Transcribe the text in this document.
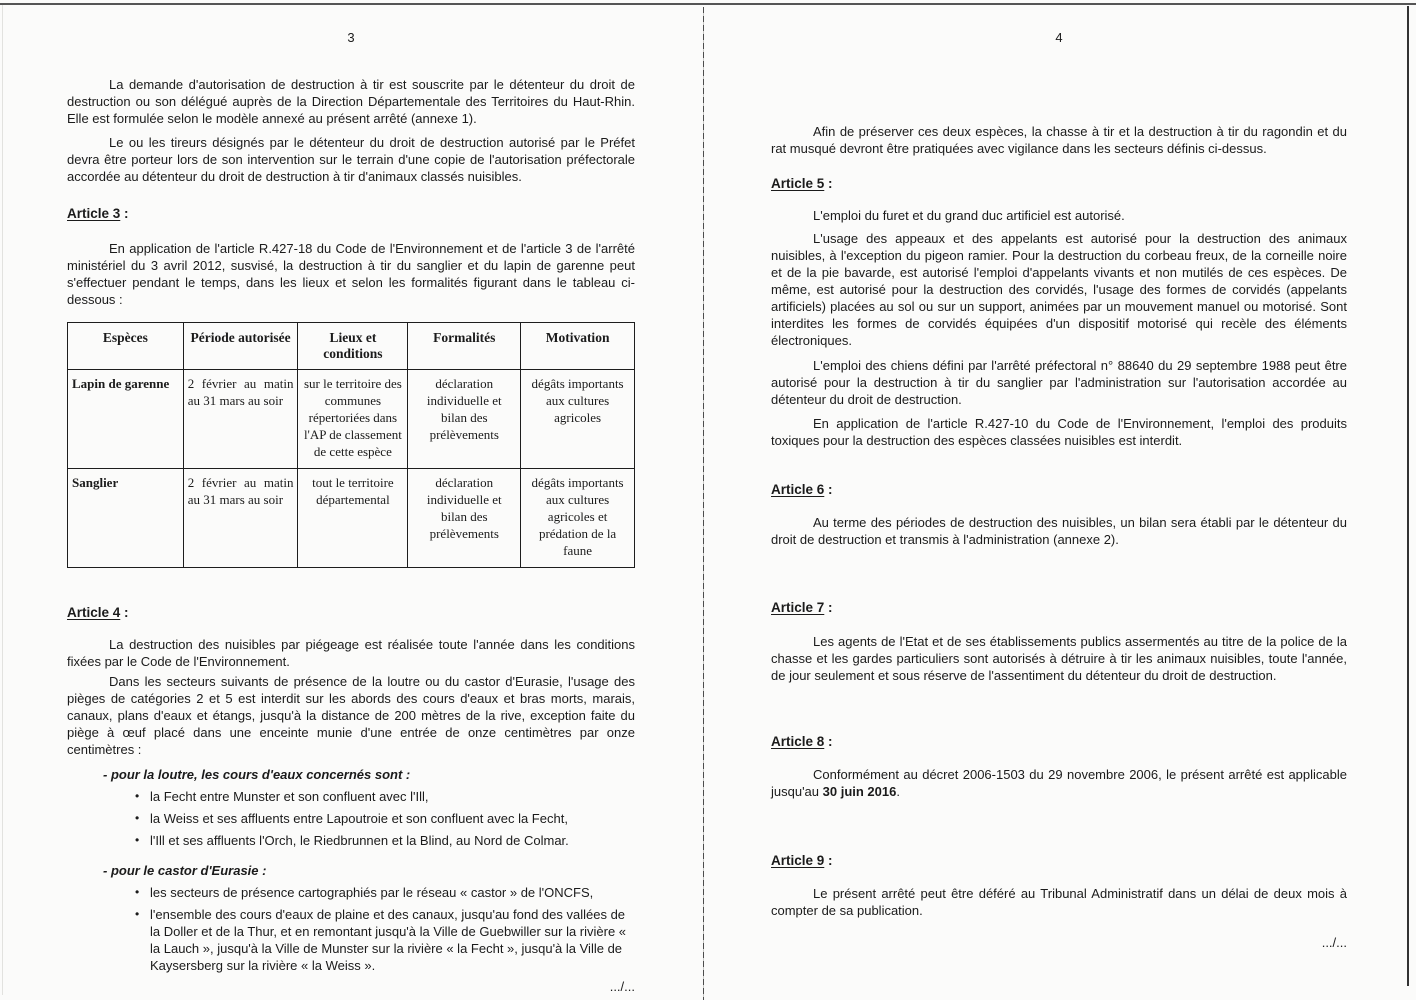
3

La demande d'autorisation de destruction à tir est souscrite par le détenteur du droit de destruction ou son délégué auprès de la Direction Départementale des Territoires du Haut-Rhin. Elle est formulée selon le modèle annexé au présent arrêté (annexe 1).

Le ou les tireurs désignés par le détenteur du droit de destruction autorisé par le Préfet devra être porteur lors de son intervention sur le terrain d'une copie de l'autorisation préfectorale accordée au détenteur du droit de destruction à tir d'animaux classés nuisibles.

Article 3 :

En application de l'article R.427-18 du Code de l'Environnement et de l'article 3 de l'arrêté ministériel du 3 avril 2012, susvisé, la destruction à tir du sanglier et du lapin de garenne peut s'effectuer pendant le temps, dans les lieux et selon les formalités figurant dans le tableau ci-dessous :

Espèces	Période autorisée	Lieux et conditions	Formalités	Motivation
Lapin de garenne	2 février au matin au 31 mars au soir	sur le territoire des communes répertoriées dans l'AP de classement de cette espèce	déclaration individuelle et bilan des prélèvements	dégâts importants aux cultures agricoles
Sanglier	2 février au matin au 31 mars au soir	tout le territoire départemental	déclaration individuelle et bilan des prélèvements	dégâts importants aux cultures agricoles et prédation de la faune
Article 4 :

La destruction des nuisibles par piégeage est réalisée toute l'année dans les conditions fixées par le Code de l'Environnement.

Dans les secteurs suivants de présence de la loutre ou du castor d'Eurasie, l'usage des pièges de catégories 2 et 5 est interdit sur les abords des cours d'eaux et bras morts, marais, canaux, plans d'eaux et étangs, jusqu'à la distance de 200 mètres de la rive, exception faite du piège à œuf placé dans une enceinte munie d'une entrée de onze centimètres par onze centimètres :

- pour la loutre, les cours d'eaux concernés sont :
• la Fecht entre Munster et son confluent avec l'Ill,
• la Weiss et ses affluents entre Lapoutroie et son confluent avec la Fecht,
• l'Ill et ses affluents l'Orch, le Riedbrunnen et la Blind, au Nord de Colmar.
- pour le castor d'Eurasie :
• les secteurs de présence cartographiés par le réseau « castor » de l'ONCFS,
• l'ensemble des cours d'eaux de plaine et des canaux, jusqu'au fond des vallées de la Doller et de la Thur, et en remontant jusqu'à la Ville de Guebwiller sur la rivière « la Lauch », jusqu'à la Ville de Munster sur la rivière « la Fecht », jusqu'à la Ville de Kaysersberg sur la rivière « la Weiss ».
.../...
4

Afin de préserver ces deux espèces, la chasse à tir et la destruction à tir du ragondin et du rat musqué devront être pratiquées avec vigilance dans les secteurs définis ci-dessus.

Article 5 :

L'emploi du furet et du grand duc artificiel est autorisé.

L'usage des appeaux et des appelants est autorisé pour la destruction des animaux nuisibles, à l'exception du pigeon ramier. Pour la destruction du corbeau freux, de la corneille noire et de la pie bavarde, est autorisé l'emploi d'appelants vivants et non mutilés de ces espèces. De même, est autorisé pour la destruction des corvidés, l'usage des formes de corvidés (appelants artificiels) placées au sol ou sur un support, animées par un mouvement manuel ou motorisé. Sont interdites les formes de corvidés équipées d'un dispositif motorisé qui recèle des éléments électroniques.

L'emploi des chiens défini par l'arrêté préfectoral n° 88640 du 29 septembre 1988 peut être autorisé pour la destruction à tir du sanglier par l'administration sur l'autorisation accordée au détenteur du droit de destruction.

En application de l'article R.427-10 du Code de l'Environnement, l'emploi des produits toxiques pour la destruction des espèces classées nuisibles est interdit.

Article 6 :

Au terme des périodes de destruction des nuisibles, un bilan sera établi par le détenteur du droit de destruction et transmis à l'administration (annexe 2).

Article 7 :

Les agents de l'Etat et de ses établissements publics assermentés au titre de la police de la chasse et les gardes particuliers sont autorisés à détruire à tir les animaux nuisibles, toute l'année, de jour seulement et sous réserve de l'assentiment du détenteur du droit de destruction.

Article 8 :

Conformément au décret 2006-1503 du 29 novembre 2006, le présent arrêté est applicable jusqu'au 30 juin 2016.

Article 9 :

Le présent arrêté peut être déféré au Tribunal Administratif dans un délai de deux mois à compter de sa publication.

.../...
